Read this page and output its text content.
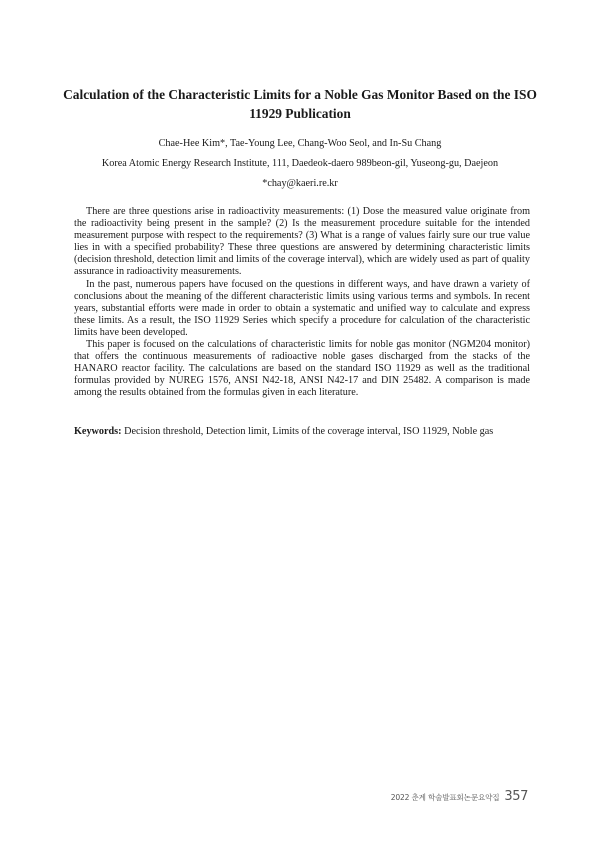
Calculation of the Characteristic Limits for a Noble Gas Monitor Based on the ISO 11929 Publication

Chae-Hee Kim*, Tae-Young Lee, Chang-Woo Seol, and In-Su Chang

Korea Atomic Energy Research Institute, 111, Daedeok-daero 989beon-gil, Yuseong-gu, Daejeon

*chay@kaeri.re.kr

There are three questions arise in radioactivity measurements: (1) Dose the measured value originate from the radioactivity being present in the sample? (2) Is the measurement procedure suitable for the intended measurement purpose with respect to the requirements? (3) What is a range of values fairly sure our true value lies in with a specified probability? These three questions are answered by determining characteristic limits (decision threshold, detection limit and limits of the coverage interval), which are widely used as part of quality assurance in radioactivity measurements.

In the past, numerous papers have focused on the questions in different ways, and have drawn a variety of conclusions about the meaning of the different characteristic limits using various terms and symbols. In recent years, substantial efforts were made in order to obtain a systematic and unified way to calculate and express these limits. As a result, the ISO 11929 Series which specify a procedure for calculation of the characteristic limits have been developed.

This paper is focused on the calculations of characteristic limits for noble gas monitor (NGM204 monitor) that offers the continuous measurements of radioactive noble gases discharged from the stacks of the HANARO reactor facility. The calculations are based on the standard ISO 11929 as well as the traditional formulas provided by NUREG 1576, ANSI N42-18, ANSI N42-17 and DIN 25482. A comparison is made among the results obtained from the formulas given in each literature.

Keywords: Decision threshold, Detection limit, Limits of the coverage interval, ISO 11929, Noble gas

2022 춘계 학술발표회논문요약집 357
